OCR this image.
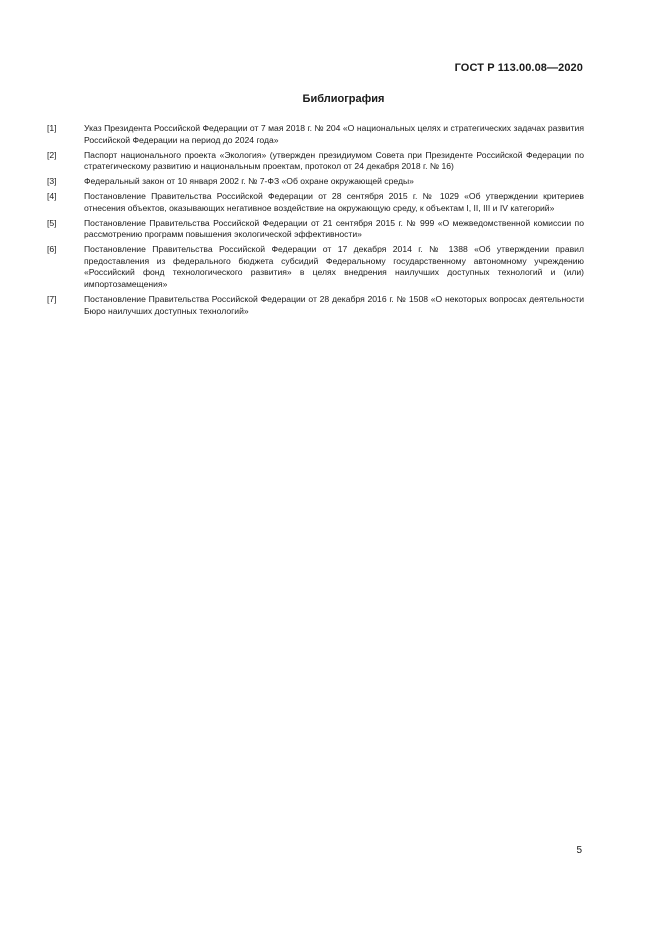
ГОСТ Р 113.00.08—2020
Библиография
[1]	Указ Президента Российской Федерации от 7 мая 2018 г. № 204 «О национальных целях и стратегических задачах развития Российской Федерации на период до 2024 года»
[2]	Паспорт национального проекта «Экология» (утвержден президиумом Совета при Президенте Российской Федерации по стратегическому развитию и национальным проектам, протокол от 24 декабря 2018 г. № 16)
[3]	Федеральный закон от 10 января 2002 г. № 7-ФЗ «Об охране окружающей среды»
[4]	Постановление Правительства Российской Федерации от 28 сентября 2015 г. № 1029 «Об утверждении критериев отнесения объектов, оказывающих негативное воздействие на окружающую среду, к объектам I, II, III и IV категорий»
[5]	Постановление Правительства Российской Федерации от 21 сентября 2015 г. № 999 «О межведомственной комиссии по рассмотрению программ повышения экологической эффективности»
[6]	Постановление Правительства Российской Федерации от 17 декабря 2014 г. № 1388 «Об утверждении правил предоставления из федерального бюджета субсидий Федеральному государственному автономному учреждению «Российский фонд технологического развития» в целях внедрения наилучших доступных технологий и (или) импортозамещения»
[7]	Постановление Правительства Российской Федерации от 28 декабря 2016 г. № 1508 «О некоторых вопросах деятельности Бюро наилучших доступных технологий»
5
